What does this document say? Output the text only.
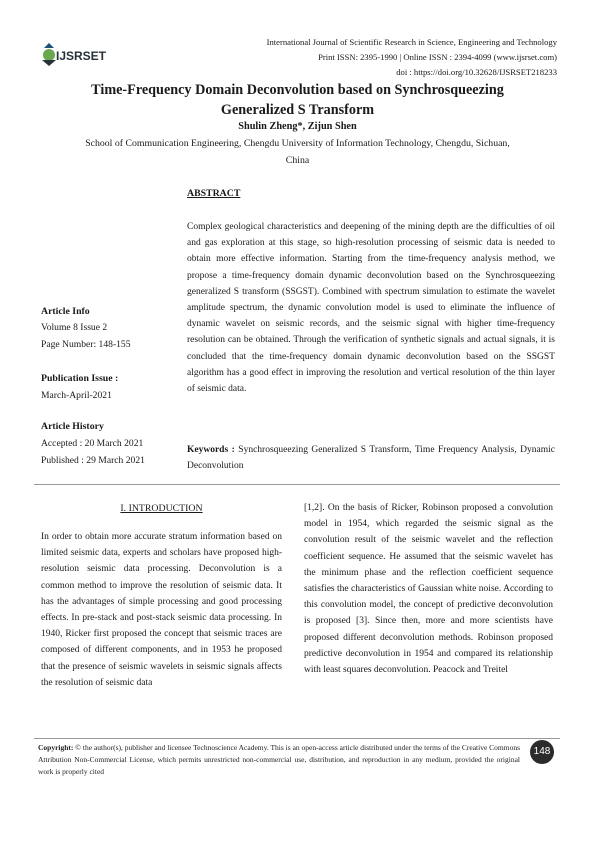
IJSRSET
International Journal of Scientific Research in Science, Engineering and Technology
Print ISSN: 2395-1990 | Online ISSN : 2394-4099 (www.ijsrset.com)
doi : https://doi.org/10.32628/IJSRSET218233
Time-Frequency Domain Deconvolution based on Synchrosqueezing
Generalized S Transform
Shulin Zheng*, Zijun Shen
School of Communication Engineering, Chengdu University of Information Technology, Chengdu, Sichuan,
China
ABSTRACT
Complex geological characteristics and deepening of the mining depth are the difficulties of oil and gas exploration at this stage, so high-resolution processing of seismic data is needed to obtain more effective information. Starting from the time-frequency analysis method, we propose a time-frequency domain dynamic deconvolution based on the Synchrosqueezing generalized S transform (SSGST). Combined with spectrum simulation to estimate the wavelet amplitude spectrum, the dynamic convolution model is used to eliminate the influence of dynamic wavelet on seismic records, and the seismic signal with higher time-frequency resolution can be obtained. Through the verification of synthetic signals and actual signals, it is concluded that the time-frequency domain dynamic deconvolution based on the SSGST algorithm has a good effect in improving the resolution and vertical resolution of the thin layer of seismic data.
Keywords : Synchrosqueezing Generalized S Transform, Time Frequency Analysis, Dynamic Deconvolution
Article Info
Volume 8 Issue 2
Page Number: 148-155
Publication Issue :
March-April-2021
Article History
Accepted : 20 March 2021
Published : 29 March 2021
I. INTRODUCTION
In order to obtain more accurate stratum information based on limited seismic data, experts and scholars have proposed high-resolution seismic data processing. Deconvolution is a common method to improve the resolution of seismic data. It has the advantages of simple processing and good processing effects. In pre-stack and post-stack seismic data processing. In 1940, Ricker first proposed the concept that seismic traces are composed of different components, and in 1953 he proposed that the presence of seismic wavelets in seismic signals affects the resolution of seismic data
[1,2]. On the basis of Ricker, Robinson proposed a convolution model in 1954, which regarded the seismic signal as the convolution result of the seismic wavelet and the reflection coefficient sequence. He assumed that the seismic wavelet has the minimum phase and the reflection coefficient sequence satisfies the characteristics of Gaussian white noise. According to this convolution model, the concept of predictive deconvolution is proposed [3]. Since then, more and more scientists have proposed different deconvolution methods. Robinson proposed predictive deconvolution in 1954 and compared its relationship with least squares deconvolution. Peacock and Treitel
Copyright: © the author(s), publisher and licensee Technoscience Academy. This is an open-access article distributed under the terms of the Creative Commons Attribution Non-Commercial License, which permits unrestricted non-commercial use, distribution, and reproduction in any medium, provided the original work is properly cited
148
